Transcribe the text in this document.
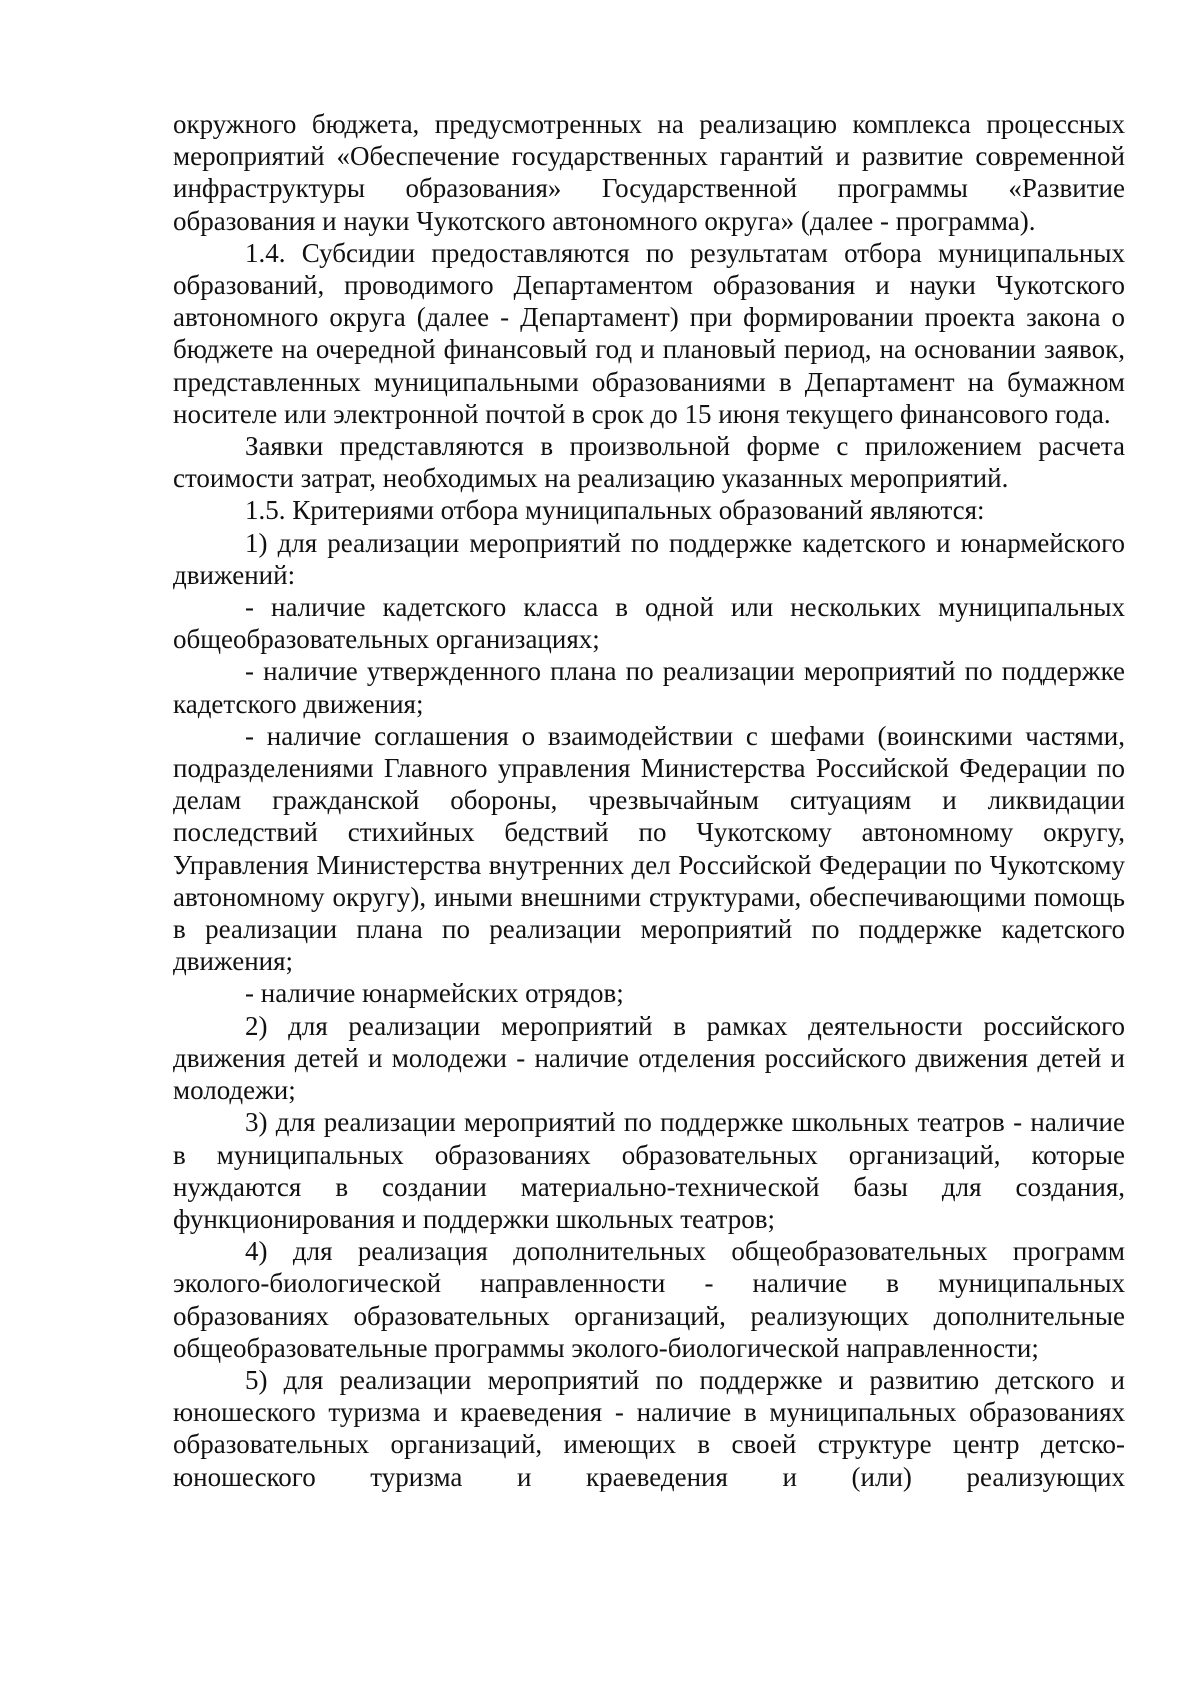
окружного бюджета, предусмотренных на реализацию комплекса процессных мероприятий «Обеспечение государственных гарантий и развитие современной инфраструктуры образования» Государственной программы «Развитие образования и науки Чукотского автономного округа» (далее - программа).

1.4. Субсидии предоставляются по результатам отбора муниципальных образований, проводимого Департаментом образования и науки Чукотского автономного округа (далее - Департамент) при формировании проекта закона о бюджете на очередной финансовый год и плановый период, на основании заявок, представленных муниципальными образованиями в Департамент на бумажном носителе или электронной почтой в срок до 15 июня текущего финансового года.

Заявки представляются в произвольной форме с приложением расчета стоимости затрат, необходимых на реализацию указанных мероприятий.

1.5. Критериями отбора муниципальных образований являются:

1) для реализации мероприятий по поддержке кадетского и юнармейского движений:

- наличие кадетского класса в одной или нескольких муниципальных общеобразовательных организациях;

- наличие утвержденного плана по реализации мероприятий по поддержке кадетского движения;

- наличие соглашения о взаимодействии с шефами (воинскими частями, подразделениями Главного управления Министерства Российской Федерации по делам гражданской обороны, чрезвычайным ситуациям и ликвидации последствий стихийных бедствий по Чукотскому автономному округу, Управления Министерства внутренних дел Российской Федерации по Чукотскому автономному округу), иными внешними структурами, обеспечивающими помощь в реализации плана по реализации мероприятий по поддержке кадетского движения;

- наличие юнармейских отрядов;

2) для реализации мероприятий в рамках деятельности российского движения детей и молодежи - наличие отделения российского движения детей и молодежи;

3) для реализации мероприятий по поддержке школьных театров - наличие в муниципальных образованиях образовательных организаций, которые нуждаются в создании материально-технической базы для создания, функционирования и поддержки школьных театров;

4) для реализация дополнительных общеобразовательных программ эколого-биологической направленности - наличие в муниципальных образованиях образовательных организаций, реализующих дополнительные общеобразовательные программы эколого-биологической направленности;

5) для реализации мероприятий по поддержке и развитию детского и юношеского туризма и краеведения - наличие в муниципальных образованиях образовательных организаций, имеющих в своей структуре центр детско-юношеского туризма и краеведения и (или) реализующих
